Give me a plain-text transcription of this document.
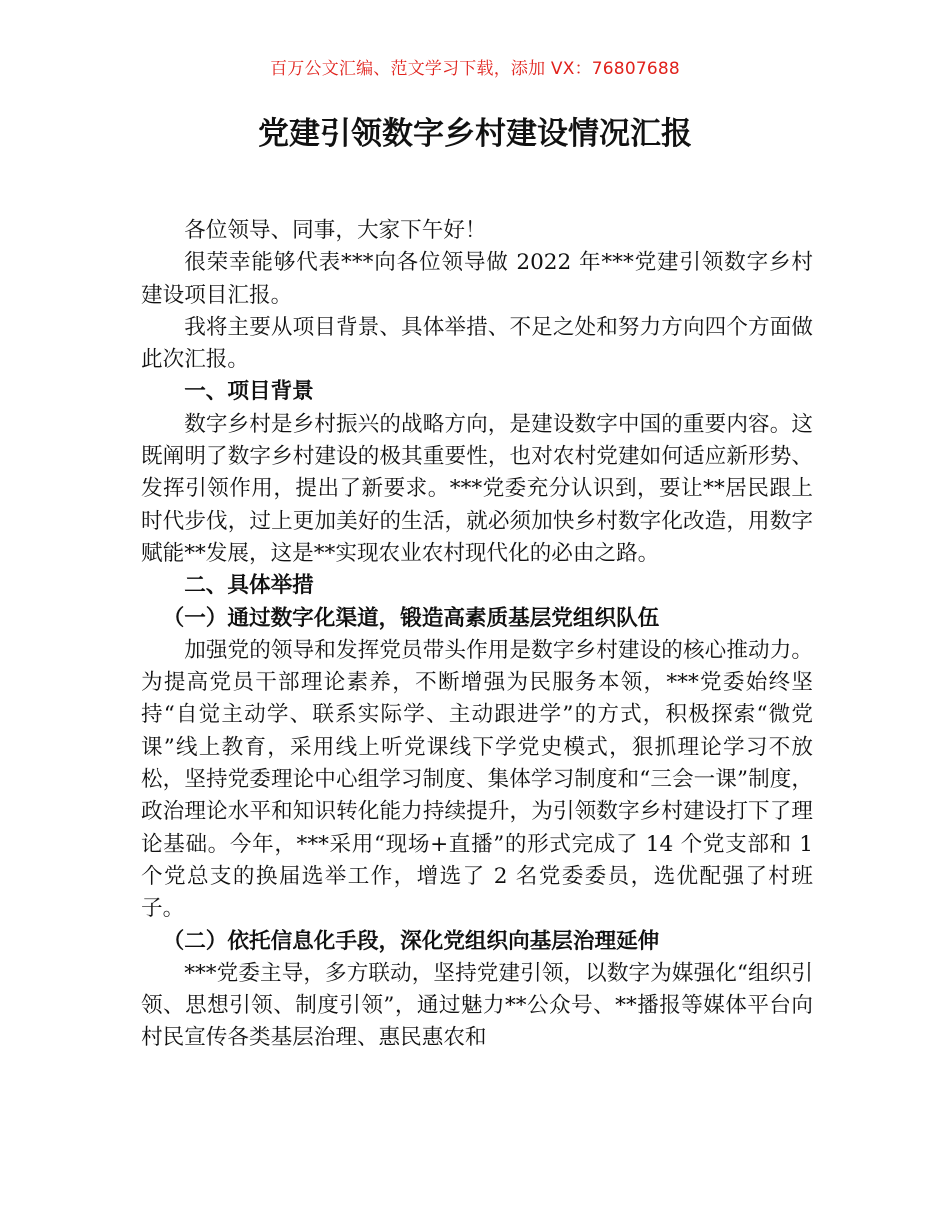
百万公文汇编、范文学习下载，添加 VX：76807688
党建引领数字乡村建设情况汇报

各位领导、同事，大家下午好！

很荣幸能够代表***向各位领导做 2022 年***党建引领数字乡村建设项目汇报。

我将主要从项目背景、具体举措、不足之处和努力方向四个方面做此次汇报。

一、项目背景

数字乡村是乡村振兴的战略方向，是建设数字中国的重要内容。这既阐明了数字乡村建设的极其重要性，也对农村党建如何适应新形势、发挥引领作用，提出了新要求。***党委充分认识到，要让**居民跟上时代步伐，过上更加美好的生活，就必须加快乡村数字化改造，用数字赋能**发展，这是**实现农业农村现代化的必由之路。

二、具体举措

（一）通过数字化渠道，锻造高素质基层党组织队伍

加强党的领导和发挥党员带头作用是数字乡村建设的核心推动力。为提高党员干部理论素养，不断增强为民服务本领，***党委始终坚持“自觉主动学、联系实际学、主动跟进学”的方式，积极探索“微党课”线上教育，采用线上听党课线下学党史模式，狠抓理论学习不放松，坚持党委理论中心组学习制度、集体学习制度和“三会一课”制度，政治理论水平和知识转化能力持续提升，为引领数字乡村建设打下了理论基础。今年，***采用“现场+直播”的形式完成了 14 个党支部和 1 个党总支的换届选举工作，增选了 2 名党委委员，选优配强了村班子。

（二）依托信息化手段，深化党组织向基层治理延伸

***党委主导，多方联动，坚持党建引领，以数字为媒强化“组织引领、思想引领、制度引领”，通过魅力**公众号、**播报等媒体平台向村民宣传各类基层治理、惠民惠农和
